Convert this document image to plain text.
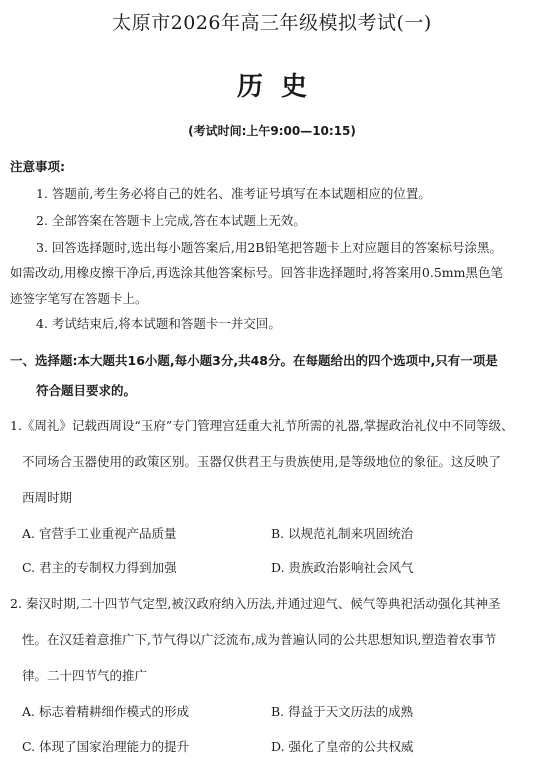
太原市2026年高三年级模拟考试(一)
历史
(考试时间:上午9:00—10:15)
注意事项:
1. 答题前,考生务必将自己的姓名、准考证号填写在本试题相应的位置。
2. 全部答案在答题卡上完成,答在本试题上无效。
3. 回答选择题时,选出每小题答案后,用2B铅笔把答题卡上对应题目的答案标号涂黑。
如需改动,用橡皮擦干净后,再选涂其他答案标号。回答非选择题时,将答案用0.5mm黑色笔
迹签字笔写在答题卡上。
4. 考试结束后,将本试题和答题卡一并交回。
一、选择题:本大题共16小题,每小题3分,共48分。在每题给出的四个选项中,只有一项是
符合题目要求的。
1.《周礼》记载西周设“玉府”专门管理宫廷重大礼节所需的礼器,掌握政治礼仪中不同等级、
不同场合玉器使用的政策区别。玉器仅供君王与贵族使用,是等级地位的象征。这反映了
西周时期
A. 官营手工业重视产品质量	B. 以规范礼制来巩固统治
C. 君主的专制权力得到加强	D. 贵族政治影响社会风气
2. 秦汉时期,二十四节气定型,被汉政府纳入历法,并通过迎气、候气等典祀活动强化其神圣
性。在汉廷着意推广下,节气得以广泛流布,成为普遍认同的公共思想知识,塑造着农事节
律。二十四节气的推广
A. 标志着精耕细作模式的形成	B. 得益于天文历法的成熟
C. 体现了国家治理能力的提升	D. 强化了皇帝的公共权威
